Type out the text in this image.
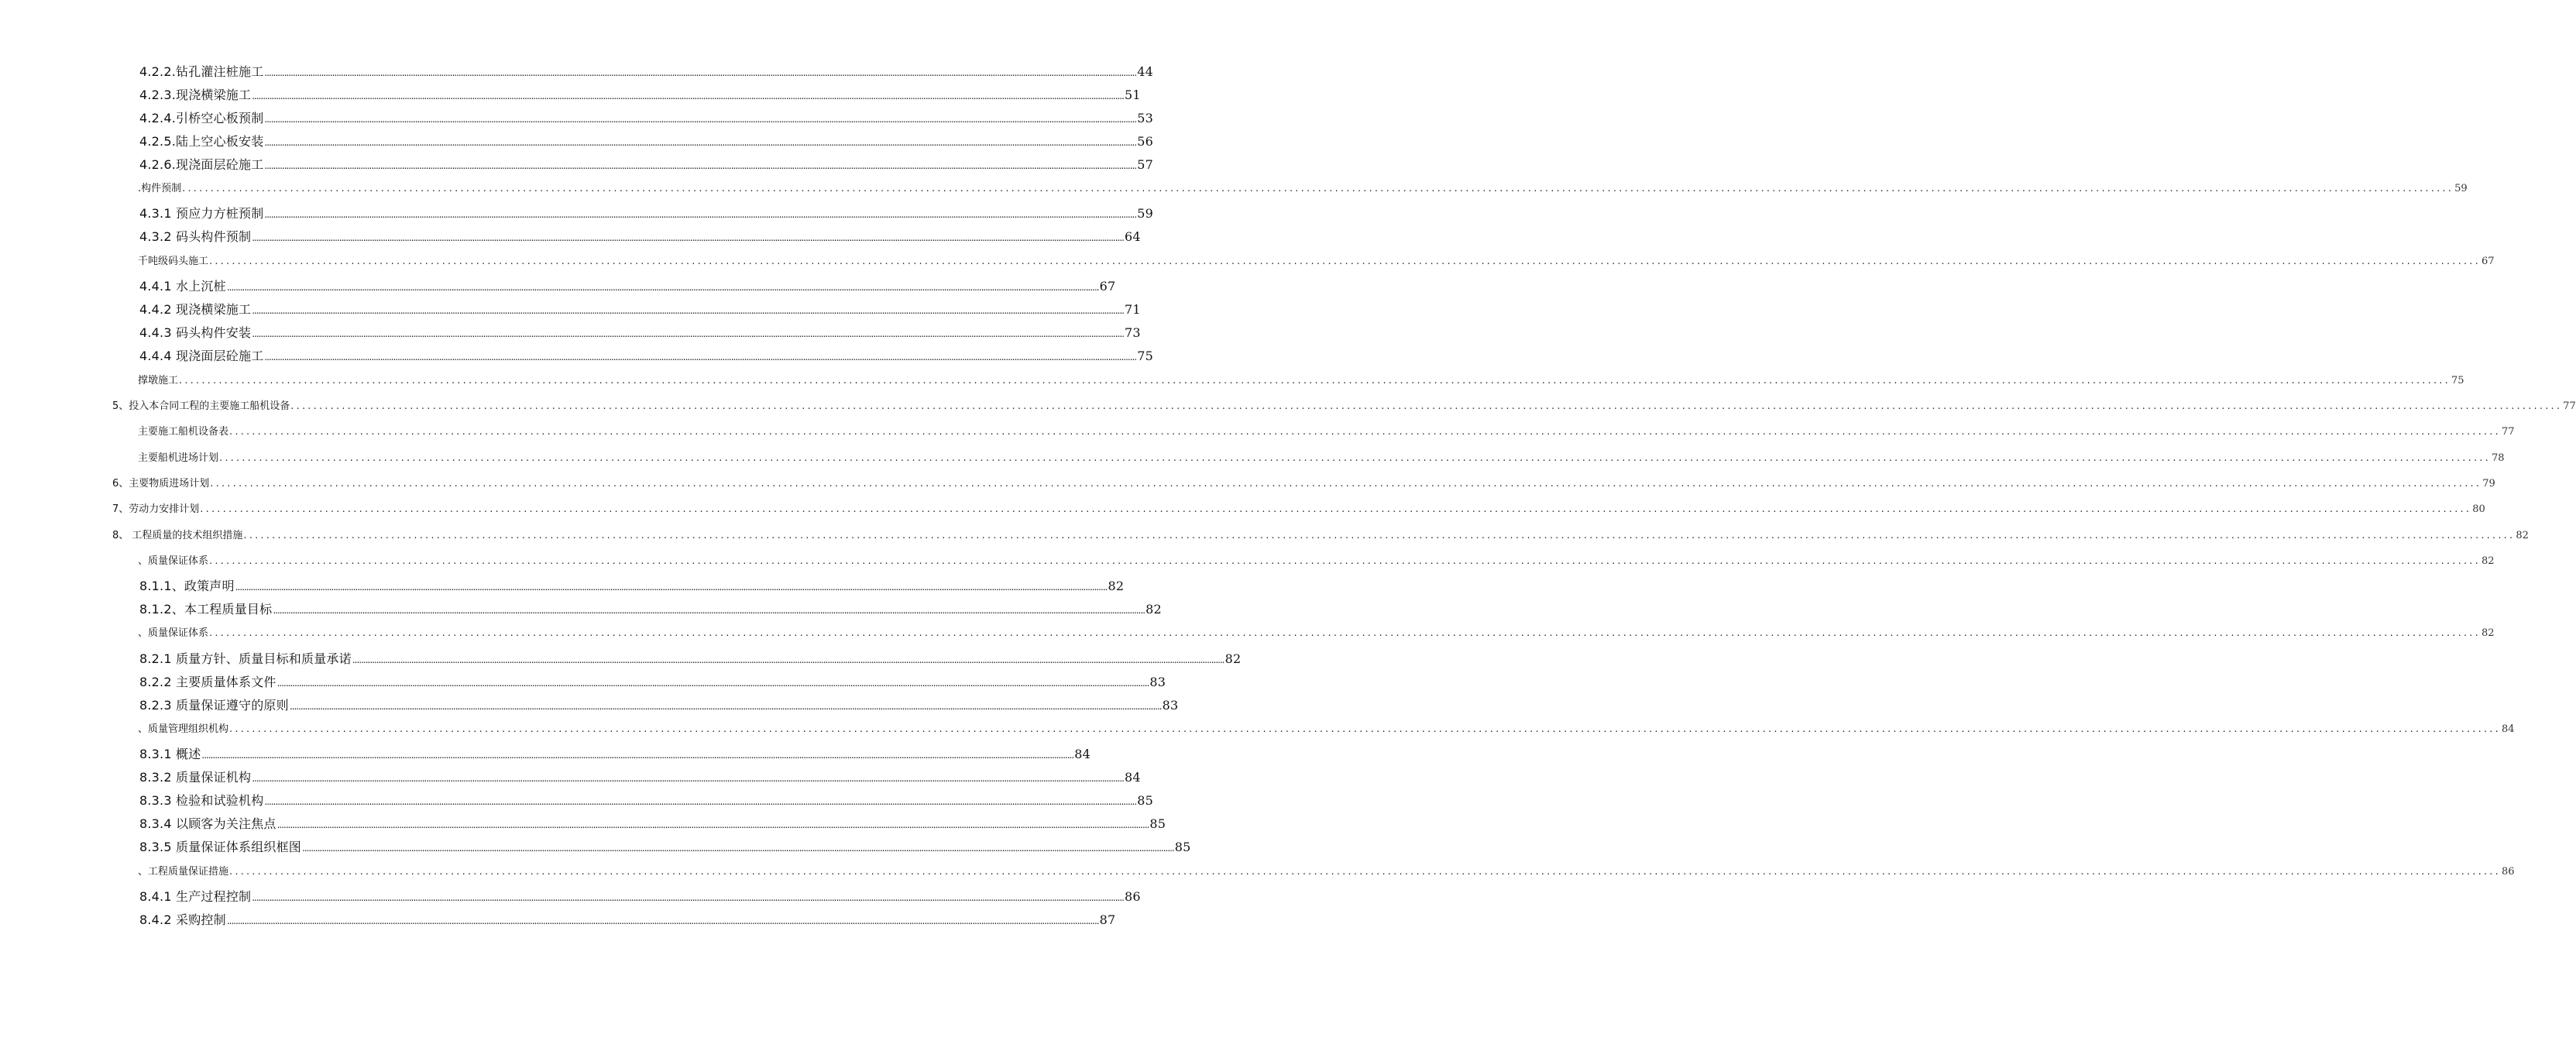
4.2.2.钻孔灌注桩施工 ................................................................................................................................................................................................................................................................................................................................................................................................................ 44
4.2.3.现浇横梁施工 ................................................................................................................................................................................................................................................................................................................................................................................................................ 51
4.2.4.引桥空心板预制 ................................................................................................................................................................................................................................................................................................................................................................................................................ 53
4.2.5.陆上空心板安装 ................................................................................................................................................................................................................................................................................................................................................................................................................ 56
4.2.6.现浇面层砼施工 ................................................................................................................................................................................................................................................................................................................................................................................................................ 57
.构件预制 ................................................................................................................................................................................................................................................................................................................................................................................................................ 59
4.3.1 预应力方桩预制 ................................................................................................................................................................................................................................................................................................................................................................................................................ 59
4.3.2 码头构件预制 ................................................................................................................................................................................................................................................................................................................................................................................................................ 64
千吨级码头施工 ................................................................................................................................................................................................................................................................................................................................................................................................................ 67
4.4.1 水上沉桩 ................................................................................................................................................................................................................................................................................................................................................................................................................ 67
4.4.2 现浇横梁施工 ................................................................................................................................................................................................................................................................................................................................................................................................................ 71
4.4.3 码头构件安装 ................................................................................................................................................................................................................................................................................................................................................................................................................ 73
4.4.4 现浇面层砼施工 ................................................................................................................................................................................................................................................................................................................................................................................................................ 75
撑墩施工 ................................................................................................................................................................................................................................................................................................................................................................................................................ 75
5、投入本合同工程的主要施工船机设备 ................................................................................................................................................................................................................................................................................................................................................................................................................ 77
主要施工船机设备表 ................................................................................................................................................................................................................................................................................................................................................................................................................ 77
主要船机进场计划 ................................................................................................................................................................................................................................................................................................................................................................................................................ 78
6、主要物质进场计划 ................................................................................................................................................................................................................................................................................................................................................................................................................ 79
7、劳动力安排计划 ................................................................................................................................................................................................................................................................................................................................................................................................................ 80
8、 工程质量的技术组织措施 ................................................................................................................................................................................................................................................................................................................................................................................................................ 82
、质量保证体系 ................................................................................................................................................................................................................................................................................................................................................................................................................ 82
8.1.1、政策声明 ................................................................................................................................................................................................................................................................................................................................................................................................................ 82
8.1.2、本工程质量目标 ................................................................................................................................................................................................................................................................................................................................................................................................................ 82
、质量保证体系 ................................................................................................................................................................................................................................................................................................................................................................................................................ 82
8.2.1 质量方针、质量目标和质量承诺 ................................................................................................................................................................................................................................................................................................................................................................................................................ 82
8.2.2 主要质量体系文件 ................................................................................................................................................................................................................................................................................................................................................................................................................ 83
8.2.3 质量保证遵守的原则 ................................................................................................................................................................................................................................................................................................................................................................................................................ 83
、质量管理组织机构 ................................................................................................................................................................................................................................................................................................................................................................................................................ 84
8.3.1 概述 ................................................................................................................................................................................................................................................................................................................................................................................................................ 84
8.3.2 质量保证机构 ................................................................................................................................................................................................................................................................................................................................................................................................................ 84
8.3.3 检验和试验机构 ................................................................................................................................................................................................................................................................................................................................................................................................................ 85
8.3.4 以顾客为关注焦点 ................................................................................................................................................................................................................................................................................................................................................................................................................ 85
8.3.5 质量保证体系组织框图 ................................................................................................................................................................................................................................................................................................................................................................................................................ 85
、工程质量保证措施 ................................................................................................................................................................................................................................................................................................................................................................................................................ 86
8.4.1 生产过程控制 ................................................................................................................................................................................................................................................................................................................................................................................................................ 86
8.4.2 采购控制 ................................................................................................................................................................................................................................................................................................................................................................................................................ 87
